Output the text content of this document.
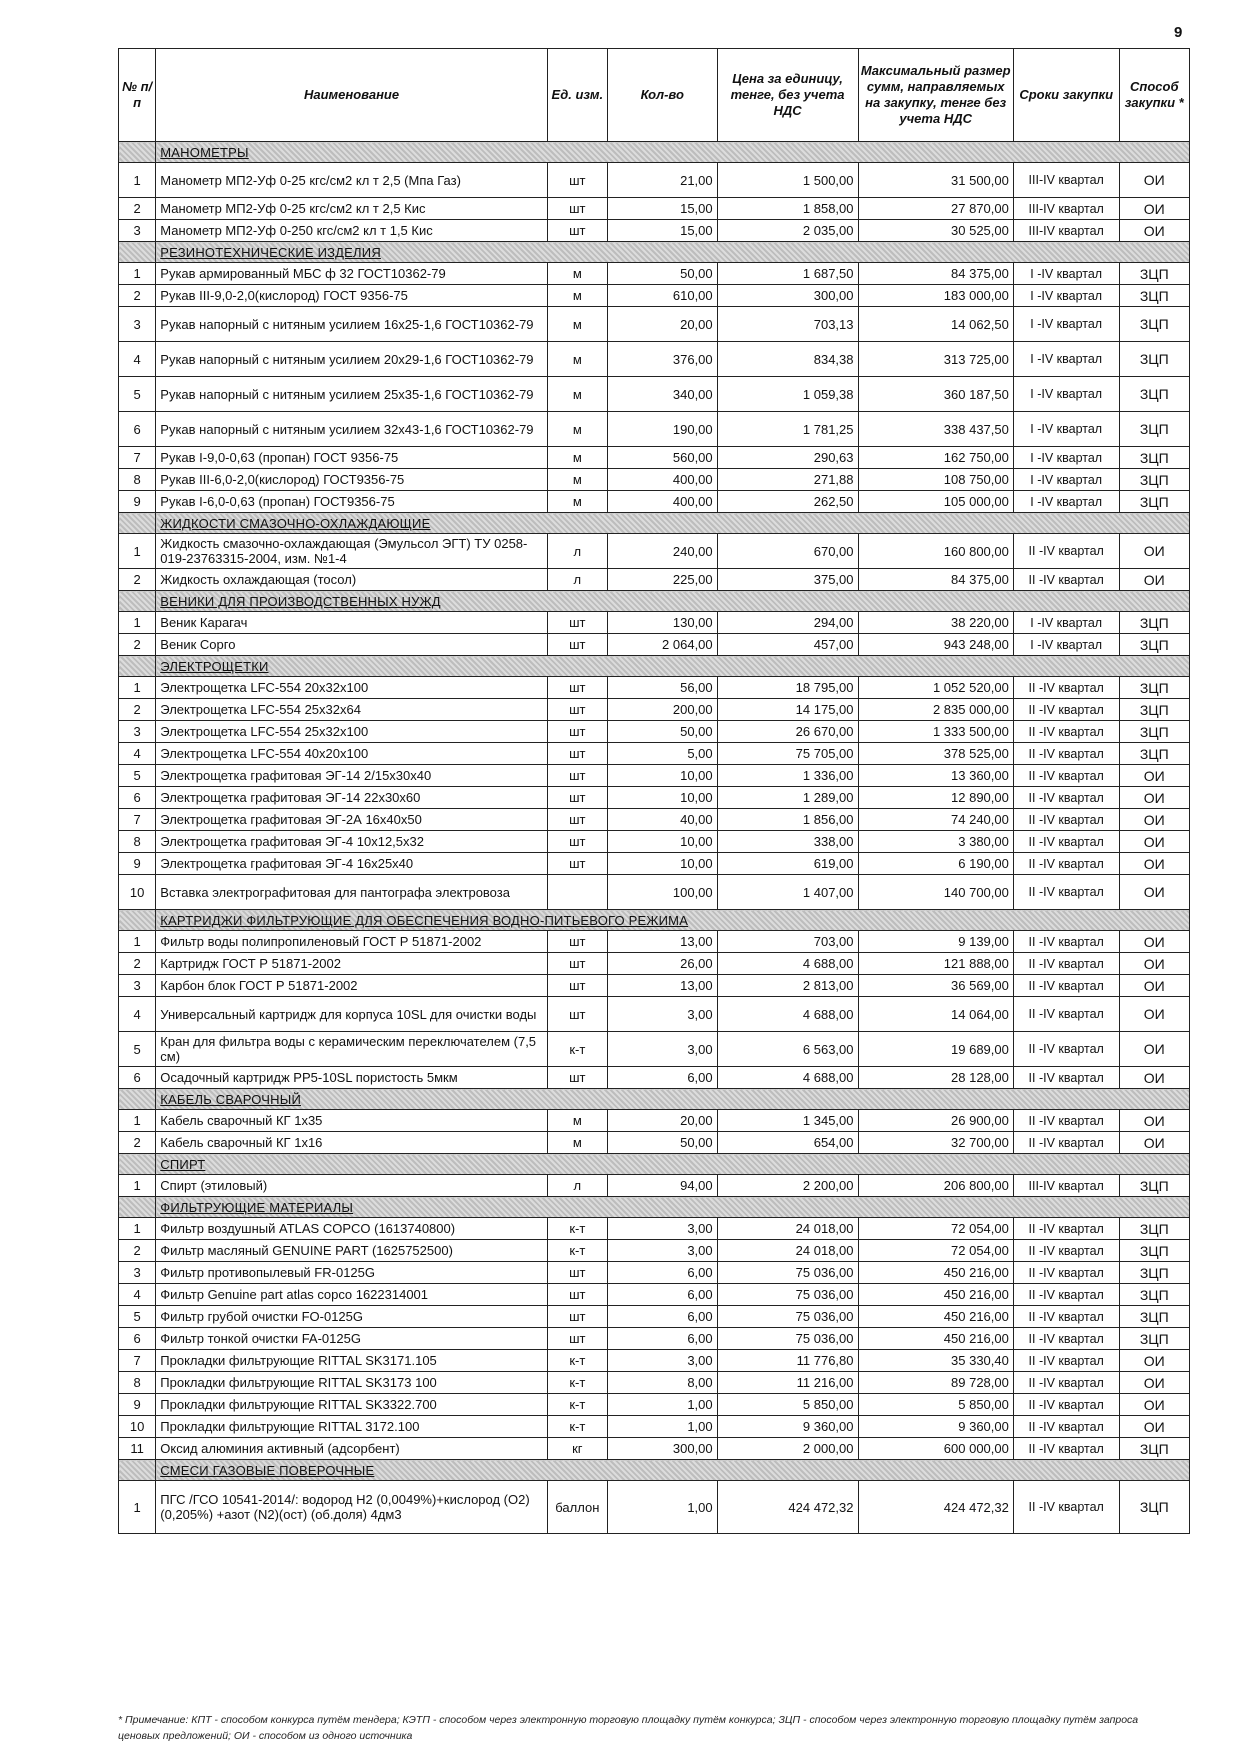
9
№ п/п	Наименование	Ед. изм.	Кол-во	Цена за единицу, тенге, без учета НДС	Максимальный размер сумм, направляемых на закупку, тенге без учета НДС	Сроки закупки	Способ закупки *
	МАНОМЕТРЫ						
1	Манометр МП2-Уф 0-25 кгс/см2 кл т 2,5 (Мпа Газ)	шт	21,00	1 500,00	31 500,00	III-IV квартал	ОИ
2	Манометр МП2-Уф 0-25 кгс/см2 кл т 2,5 Кис	шт	15,00	1 858,00	27 870,00	III-IV квартал	ОИ
3	Манометр МП2-Уф 0-250 кгс/см2 кл т 1,5 Кис	шт	15,00	2 035,00	30 525,00	III-IV квартал	ОИ
	РЕЗИНОТЕХНИЧЕСКИЕ ИЗДЕЛИЯ						
1	Рукав армированный МБС ф 32 ГОСТ10362-79	м	50,00	1 687,50	84 375,00	I -IV квартал	ЗЦП
2	Рукав III-9,0-2,0(кислород) ГОСТ 9356-75	м	610,00	300,00	183 000,00	I -IV квартал	ЗЦП
3	Рукав напорный с нитяным усилием 16х25-1,6 ГОСТ10362-79	м	20,00	703,13	14 062,50	I -IV квартал	ЗЦП
4	Рукав напорный с нитяным усилием 20х29-1,6 ГОСТ10362-79	м	376,00	834,38	313 725,00	I -IV квартал	ЗЦП
5	Рукав напорный с нитяным усилием 25х35-1,6 ГОСТ10362-79	м	340,00	1 059,38	360 187,50	I -IV квартал	ЗЦП
6	Рукав напорный с нитяным усилием 32х43-1,6 ГОСТ10362-79	м	190,00	1 781,25	338 437,50	I -IV квартал	ЗЦП
7	Рукав I-9,0-0,63 (пропан) ГОСТ 9356-75	м	560,00	290,63	162 750,00	I -IV квартал	ЗЦП
8	Рукав III-6,0-2,0(кислород) ГОСТ9356-75	м	400,00	271,88	108 750,00	I -IV квартал	ЗЦП
9	Рукав I-6,0-0,63 (пропан) ГОСТ9356-75	м	400,00	262,50	105 000,00	I -IV квартал	ЗЦП
	ЖИДКОСТИ СМАЗОЧНО-ОХЛАЖДАЮЩИЕ						
1	Жидкость смазочно-охлаждающая (Эмульсол ЭГТ) ТУ 0258-019-23763315-2004, изм. №1-4	л	240,00	670,00	160 800,00	II -IV квартал	ОИ
2	Жидкость охлаждающая (тосол)	л	225,00	375,00	84 375,00	II -IV квартал	ОИ
	ВЕНИКИ ДЛЯ ПРОИЗВОДСТВЕННЫХ НУЖД						
1	Веник Карагач	шт	130,00	294,00	38 220,00	I -IV квартал	ЗЦП
2	Веник Сорго	шт	2 064,00	457,00	943 248,00	I -IV квартал	ЗЦП
	ЭЛЕКТРОЩЕТКИ						
1	Электрощетка LFC-554 20х32х100	шт	56,00	18 795,00	1 052 520,00	II -IV квартал	ЗЦП
2	Электрощетка LFC-554 25х32х64	шт	200,00	14 175,00	2 835 000,00	II -IV квартал	ЗЦП
3	Электрощетка LFC-554 25х32х100	шт	50,00	26 670,00	1 333 500,00	II -IV квартал	ЗЦП
4	Электрощетка LFC-554 40х20х100	шт	5,00	75 705,00	378 525,00	II -IV квартал	ЗЦП
5	Электрощетка графитовая ЭГ-14 2/15х30х40	шт	10,00	1 336,00	13 360,00	II -IV квартал	ОИ
6	Электрощетка графитовая ЭГ-14 22х30х60	шт	10,00	1 289,00	12 890,00	II -IV квартал	ОИ
7	Электрощетка графитовая ЭГ-2А 16х40х50	шт	40,00	1 856,00	74 240,00	II -IV квартал	ОИ
8	Электрощетка графитовая ЭГ-4 10х12,5х32	шт	10,00	338,00	3 380,00	II -IV квартал	ОИ
9	Электрощетка графитовая ЭГ-4 16х25х40	шт	10,00	619,00	6 190,00	II -IV квартал	ОИ
10	Вставка электрографитовая для пантографа электровоза		100,00	1 407,00	140 700,00	II -IV квартал	ОИ
	КАРТРИДЖИ ФИЛЬТРУЮЩИЕ ДЛЯ ОБЕСПЕЧЕНИЯ ВОДНО-ПИТЬЕВОГО РЕЖИМА						
1	Фильтр воды полипропиленовый ГОСТ Р 51871-2002	шт	13,00	703,00	9 139,00	II -IV квартал	ОИ
2	Картридж ГОСТ Р 51871-2002	шт	26,00	4 688,00	121 888,00	II -IV квартал	ОИ
3	Карбон блок ГОСТ Р 51871-2002	шт	13,00	2 813,00	36 569,00	II -IV квартал	ОИ
4	Универсальный картридж для корпуса 10SL для очистки воды	шт	3,00	4 688,00	14 064,00	II -IV квартал	ОИ
5	Кран для фильтра воды с керамическим переключателем (7,5 см)	к-т	3,00	6 563,00	19 689,00	II -IV квартал	ОИ
6	Осадочный картридж PP5-10SL пористость 5мкм	шт	6,00	4 688,00	28 128,00	II -IV квартал	ОИ
	КАБЕЛЬ СВАРОЧНЫЙ						
1	Кабель сварочный КГ 1х35	м	20,00	1 345,00	26 900,00	II -IV квартал	ОИ
2	Кабель сварочный КГ 1х16	м	50,00	654,00	32 700,00	II -IV квартал	ОИ
	СПИРТ						
1	Спирт (этиловый)	л	94,00	2 200,00	206 800,00	III-IV квартал	ЗЦП
	ФИЛЬТРУЮЩИЕ МАТЕРИАЛЫ						
1	Фильтр воздушный ATLAS COPCO (1613740800)	к-т	3,00	24 018,00	72 054,00	II -IV квартал	ЗЦП
2	Фильтр масляный GENUINE PART (1625752500)	к-т	3,00	24 018,00	72 054,00	II -IV квартал	ЗЦП
3	Фильтр противопылевый FR-0125G	шт	6,00	75 036,00	450 216,00	II -IV квартал	ЗЦП
4	Фильтр Genuine part atlas copco 1622314001	шт	6,00	75 036,00	450 216,00	II -IV квартал	ЗЦП
5	Фильтр грубой очистки FO-0125G	шт	6,00	75 036,00	450 216,00	II -IV квартал	ЗЦП
6	Фильтр тонкой очистки FA-0125G	шт	6,00	75 036,00	450 216,00	II -IV квартал	ЗЦП
7	Прокладки фильтрующие RITTAL SK3171.105	к-т	3,00	11 776,80	35 330,40	II -IV квартал	ОИ
8	Прокладки фильтрующие RITTAL SK3173 100	к-т	8,00	11 216,00	89 728,00	II -IV квартал	ОИ
9	Прокладки фильтрующие RITTAL SK3322.700	к-т	1,00	5 850,00	5 850,00	II -IV квартал	ОИ
10	Прокладки фильтрующие RITTAL 3172.100	к-т	1,00	9 360,00	9 360,00	II -IV квартал	ОИ
11	Оксид алюминия активный (адсорбент)	кг	300,00	2 000,00	600 000,00	II -IV квартал	ЗЦП
	СМЕСИ ГАЗОВЫЕ ПОВЕРОЧНЫЕ						
1	ПГС /ГСО 10541-2014/: водород Н2 (0,0049%)+кислород (О2) (0,205%) +азот (N2)(ост) (об.доля) 4дм3	баллон	1,00	424 472,32	424 472,32	II -IV квартал	ЗЦП
* Примечание: КПТ - способом конкурса путём тендера; КЭТП - способом через электронную торговую площадку путём конкурса; ЗЦП - способом через электронную торговую площадку путём запроса ценовых предложений; ОИ - способом из одного источника
